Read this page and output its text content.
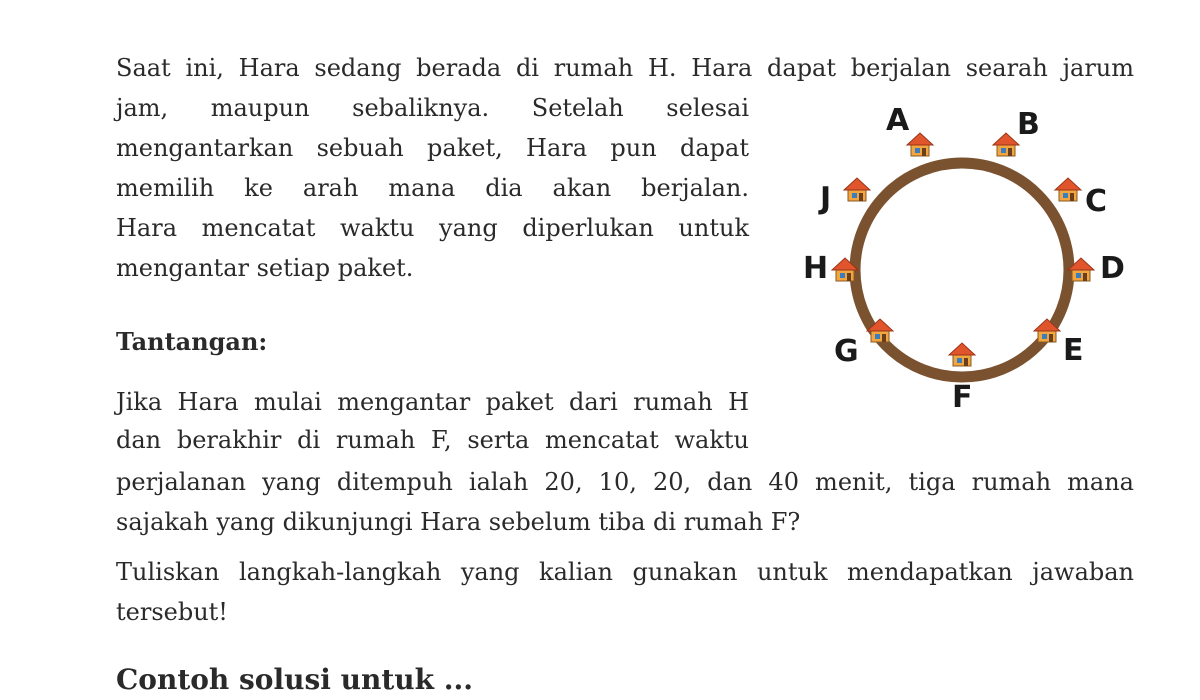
Saat ini, Hara sedang berada di rumah H. Hara dapat berjalan searah jarum
jam, maupun sebaliknya. Setelah selesai
mengantarkan sebuah paket, Hara pun dapat
memilih ke arah mana dia akan berjalan.
Hara mencatat waktu yang diperlukan untuk
mengantar setiap paket.
Tantangan:
Jika Hara mulai mengantar paket dari rumah H
dan berakhir di rumah F, serta mencatat waktu
perjalanan yang ditempuh ialah 20, 10, 20, dan 40 menit, tiga rumah mana
sajakah yang dikunjungi Hara sebelum tiba di rumah F?
Tuliskan langkah-langkah yang kalian gunakan untuk mendapatkan jawaban
tersebut!
Contoh solusi untuk ...
A	B
C
D
E
F
G
H
J
